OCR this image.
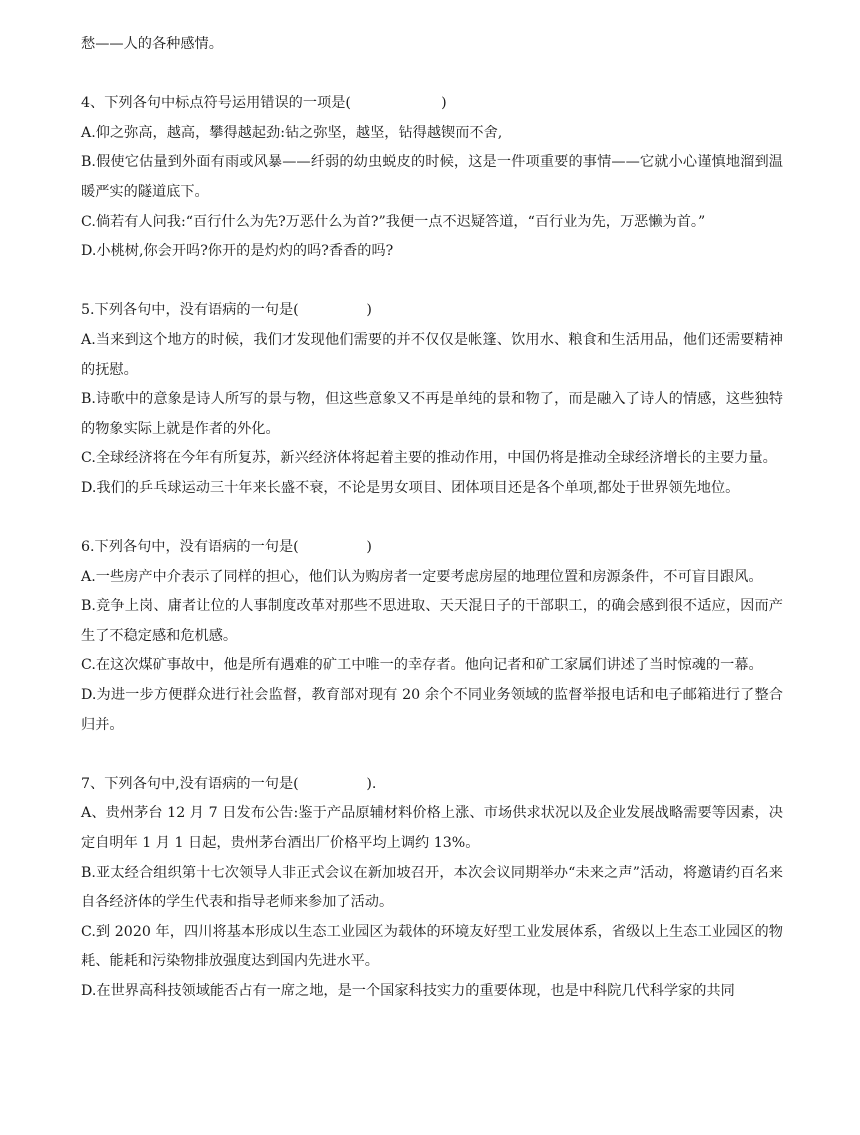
愁——人的各种感情。
4、下列各句中标点符号运用错误的一项是(                    )
A.仰之弥高，越高，攀得越起劲:钻之弥坚，越坚，钻得越锲而不舍,
B.假使它估量到外面有雨或风暴——纤弱的幼虫蜕皮的时候，这是一件项重要的事情——它就小心谨慎地溜到温暖严实的隧道底下。
C.倘若有人问我:“百行什么为先?万恶什么为首?”我便一点不迟疑答道，“百行业为先，万恶懒为首。”
D.小桃树,你会开吗?你开的是灼灼的吗?香香的吗?
5.下列各句中，没有语病的一句是(               )
A.当来到这个地方的时候，我们才发现他们需要的并不仅仅是帐篷、饮用水、粮食和生活用品，他们还需要精神的抚慰。
B.诗歌中的意象是诗人所写的景与物，但这些意象又不再是单纯的景和物了，而是融入了诗人的情感，这些独特的物象实际上就是作者的外化。
C.全球经济将在今年有所复苏，新兴经济体将起着主要的推动作用，中国仍将是推动全球经济增长的主要力量。
D.我们的乒乓球运动三十年来长盛不衰，不论是男女项目、团体项目还是各个单项,都处于世界领先地位。
6.下列各句中，没有语病的一句是(               )
A.一些房产中介表示了同样的担心，他们认为购房者一定要考虑房屋的地理位置和房源条件，不可盲目跟风。
B.竞争上岗、庸者让位的人事制度改革对那些不思进取、天天混日子的干部职工，的确会感到很不适应，因而产生了不稳定感和危机感。
C.在这次煤矿事故中，他是所有遇难的矿工中唯一的幸存者。他向记者和矿工家属们讲述了当时惊魂的一幕。
D.为进一步方便群众进行社会监督，教育部对现有 20 余个不同业务领域的监督举报电话和电子邮箱进行了整合归并。
7、下列各句中,没有语病的一句是(               ).
A、贵州茅台 12 月 7 日发布公告:鉴于产品原辅材料价格上涨、市场供求状况以及企业发展战略需要等因素，决定自明年 1 月 1 日起，贵州茅台酒出厂价格平均上调约 13%。
B.亚太经合组织第十七次领导人非正式会议在新加坡召开，本次会议同期举办“未来之声”活动，将邀请约百名来自各经济体的学生代表和指导老师来参加了活动。
C.到 2020 年，四川将基本形成以生态工业园区为载体的环境友好型工业发展体系，省级以上生态工业园区的物耗、能耗和污染物排放强度达到国内先进水平。
D.在世界高科技领域能否占有一席之地，是一个国家科技实力的重要体现，也是中科院几代科学家的共同
